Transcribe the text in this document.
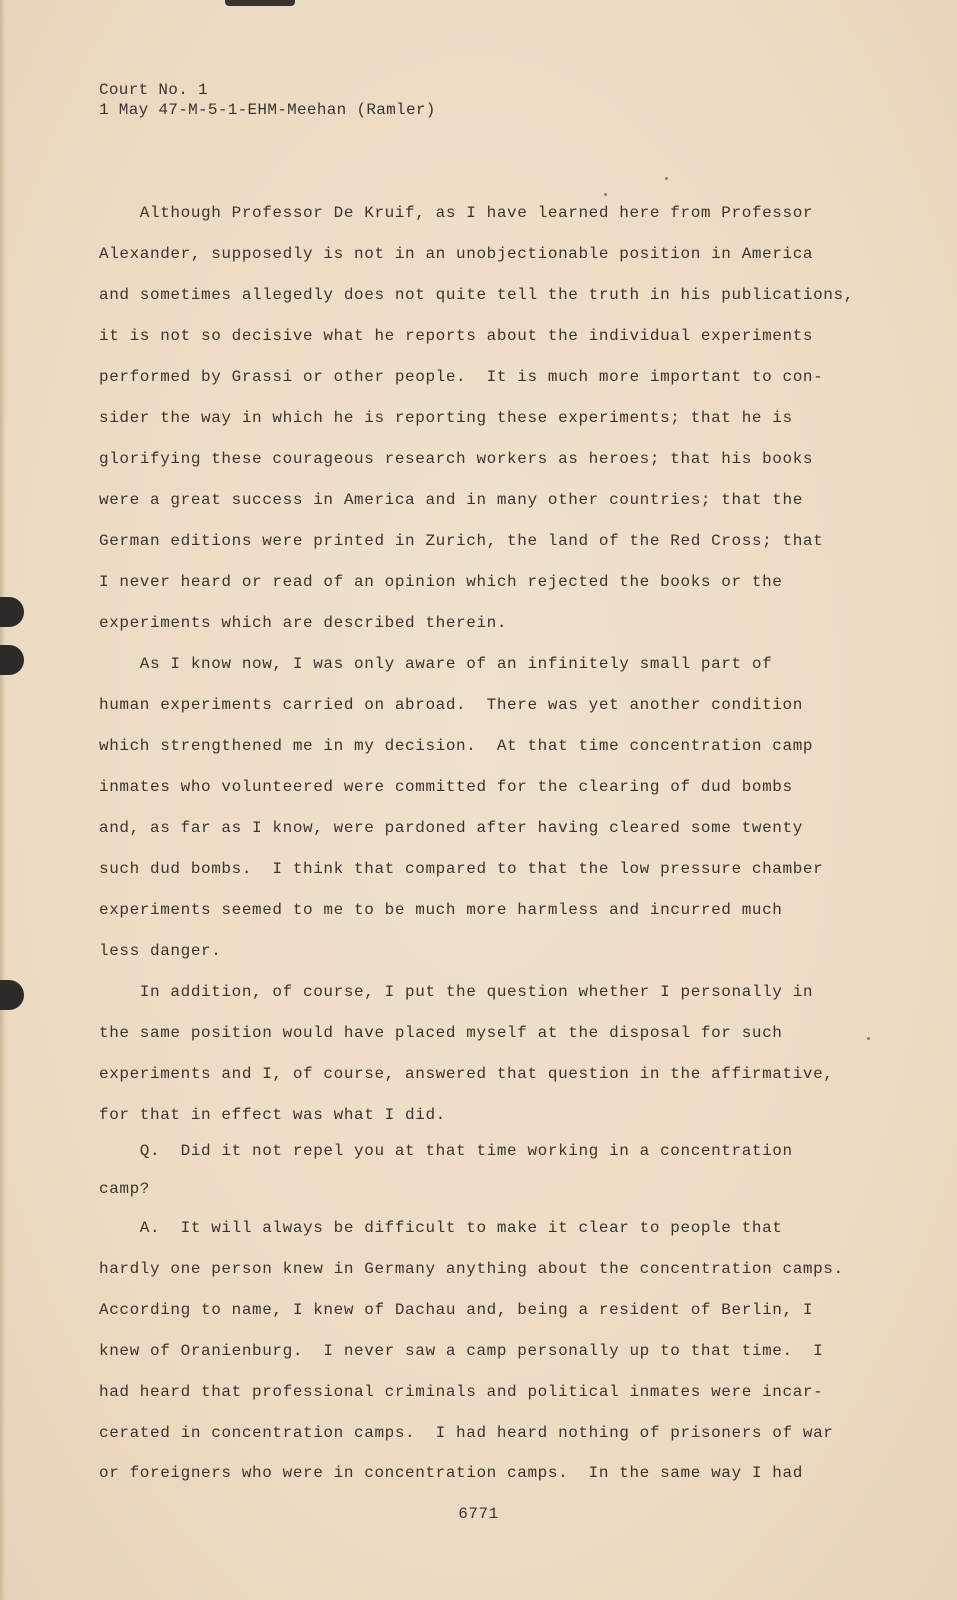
Court No. 1
1 May 47-M-5-1-EHM-Meehan (Ramler)
Although Professor De Kruif, as I have learned here from Professor
Alexander, supposedly is not in an unobjectionable position in America
and sometimes allegedly does not quite tell the truth in his publications,
it is not so decisive what he reports about the individual experiments
performed by Grassi or other people.  It is much more important to con-
sider the way in which he is reporting these experiments; that he is
glorifying these courageous research workers as heroes; that his books
were a great success in America and in many other countries; that the
German editions were printed in Zurich, the land of the Red Cross; that
I never heard or read of an opinion which rejected the books or the
experiments which are described therein.
As I know now, I was only aware of an infinitely small part of
human experiments carried on abroad.  There was yet another condition
which strengthened me in my decision.  At that time concentration camp
inmates who volunteered were committed for the clearing of dud bombs
and, as far as I know, were pardoned after having cleared some twenty
such dud bombs.  I think that compared to that the low pressure chamber
experiments seemed to me to be much more harmless and incurred much
less danger.
In addition, of course, I put the question whether I personally in
the same position would have placed myself at the disposal for such
experiments and I, of course, answered that question in the affirmative,
for that in effect was what I did.
Q.  Did it not repel you at that time working in a concentration
camp?
A.  It will always be difficult to make it clear to people that
hardly one person knew in Germany anything about the concentration camps.
According to name, I knew of Dachau and, being a resident of Berlin, I
knew of Oranienburg.  I never saw a camp personally up to that time.  I
had heard that professional criminals and political inmates were incar-
cerated in concentration camps.  I had heard nothing of prisoners of war
or foreigners who were in concentration camps.  In the same way I had
6771
